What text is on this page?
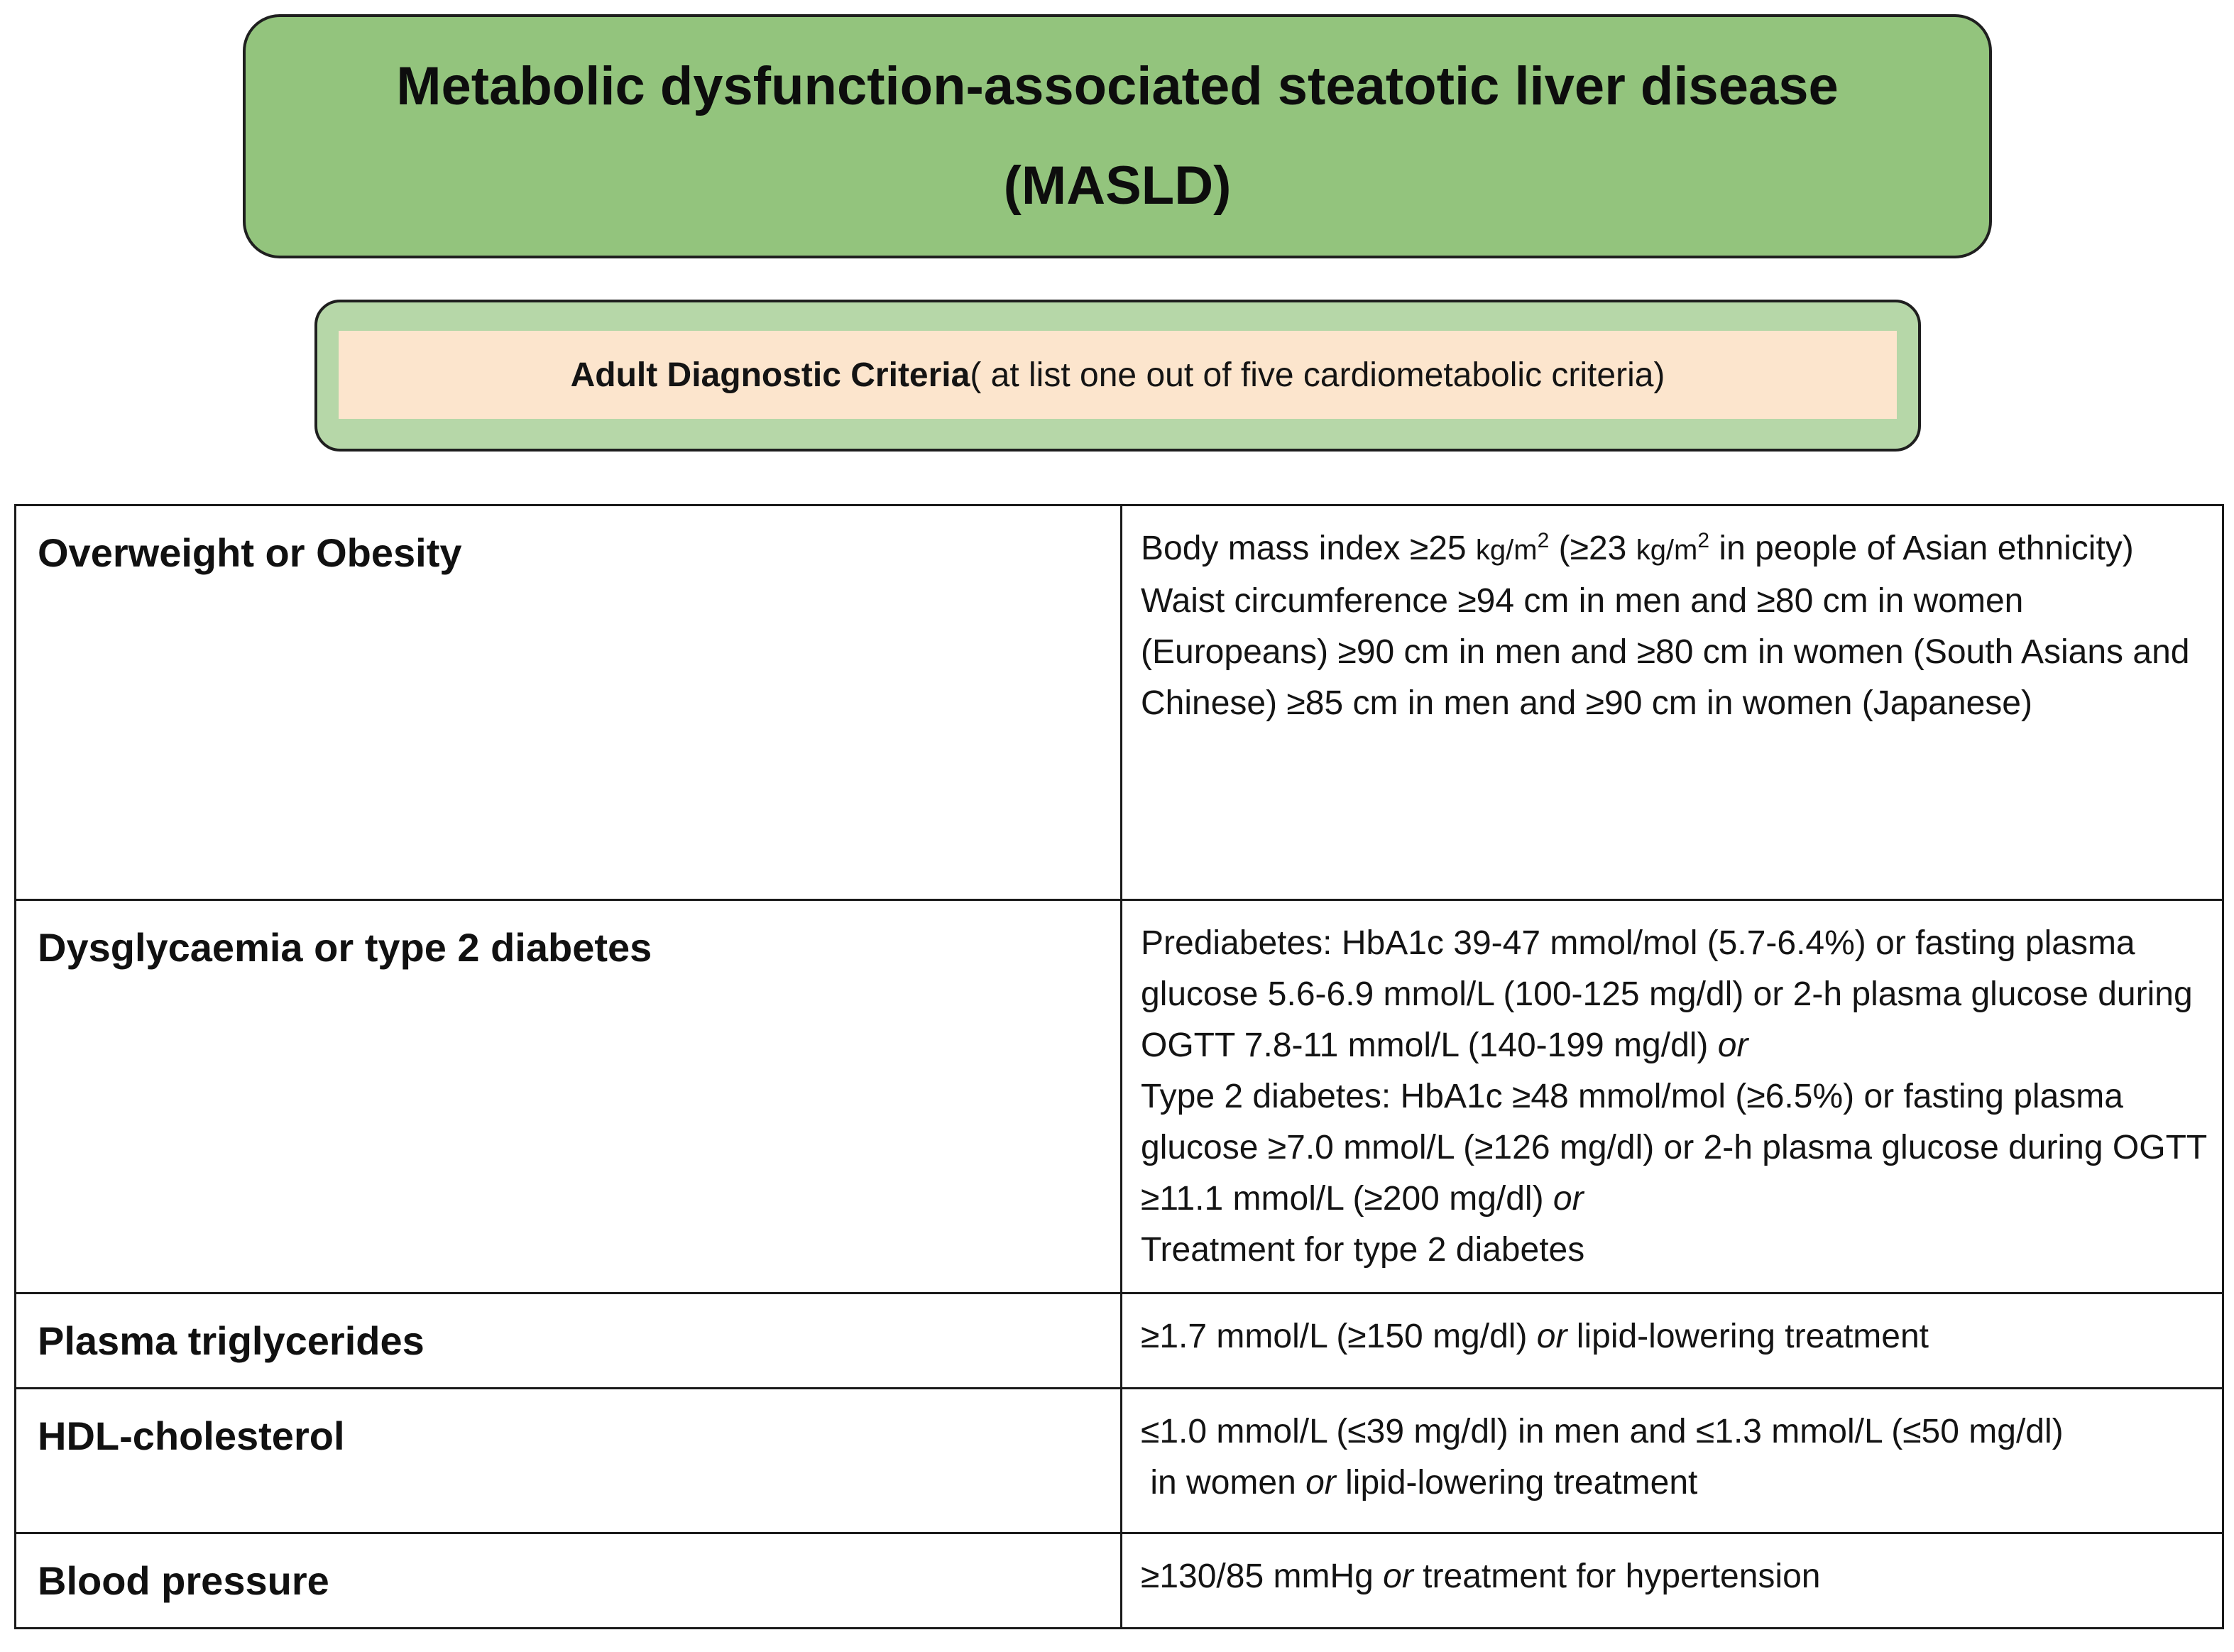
Metabolic dysfunction-associated steatotic liver disease
(MASLD)
Adult Diagnostic Criteria ( at list one out of five cardiometabolic criteria)
Overweight or Obesity	Body mass index ≥25 $kg/m^2$ (≥23 $kg/m^2$ in people of Asian ethnicity)

Waist circumference ≥94 cm in men and ≥80 cm in women (Europeans) ≥90 cm in men and ≥80 cm in women (South Asians and Chinese) ≥85 cm in men and ≥90 cm in women (Japanese)

Dysglycaemia or type 2 diabetes	Prediabetes: HbA1c 39-47 mmol/mol (5.7-6.4%) or fasting plasma glucose 5.6-6.9 mmol/L (100-125 mg/dl) or 2-h plasma glucose during OGTT 7.8-11 mmol/L (140-199 mg/dl) or

Type 2 diabetes: HbA1c ≥48 mmol/mol (≥6.5%) or fasting plasma glucose ≥7.0 mmol/L (≥126 mg/dl) or 2-h plasma glucose during OGTT ≥11.1 mmol/L (≥200 mg/dl) or

Treatment for type 2 diabetes

Plasma triglycerides	≥1.7 mmol/L (≥150 mg/dl) or lipid-lowering treatment

HDL-cholesterol	≤1.0 mmol/L (≤39 mg/dl) in men and ≤1.3 mmol/L (≤50 mg/dl)

in women or lipid-lowering treatment

Blood pressure	≥130/85 mmHg or treatment for hypertension
